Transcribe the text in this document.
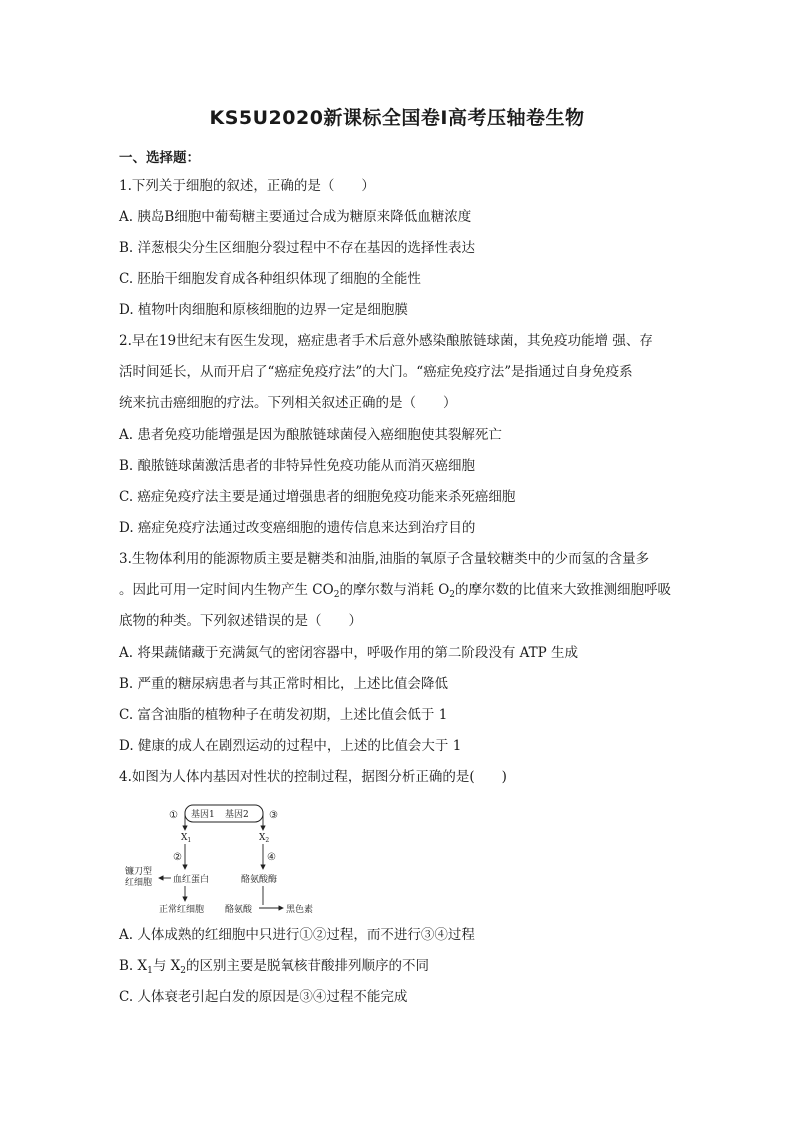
KS5U2020新课标全国卷Ⅰ高考压轴卷生物
一、选择题：
1.下列关于细胞的叙述，正确的是（　　）
A. 胰岛B细胞中葡萄糖主要通过合成为糖原来降低血糖浓度
B. 洋葱根尖分生区细胞分裂过程中不存在基因的选择性表达
C. 胚胎干细胞发育成各种组织体现了细胞的全能性
D. 植物叶肉细胞和原核细胞的边界一定是细胞膜
2.早在19世纪末有医生发现，癌症患者手术后意外感染酿脓链球菌，其免疫功能增 强、存
活时间延长，从而开启了“癌症免疫疗法”的大门。“癌症免疫疗法”是指通过自身免疫系
统来抗击癌细胞的疗法。下列相关叙述正确的是（　　）
A. 患者免疫功能增强是因为酿脓链球菌侵入癌细胞使其裂解死亡
B. 酿脓链球菌激活患者的非特异性免疫功能从而消灭癌细胞
C. 癌症免疫疗法主要是通过增强患者的细胞免疫功能来杀死癌细胞
D. 癌症免疫疗法通过改变癌细胞的遗传信息来达到治疗目的
3.生物体利用的能源物质主要是糖类和油脂,油脂的氧原子含量较糖类中的少而氢的含量多
。因此可用一定时间内生物产生 $CO_2$的摩尔数与消耗 $O_2$的摩尔数的比值来大致推测细胞呼吸
底物的种类。下列叙述错误的是（　　）
A. 将果蔬储藏于充满氮气的密闭容器中，呼吸作用的第二阶段没有 ATP 生成
B. 严重的糖尿病患者与其正常时相比，上述比值会降低
C. 富含油脂的植物种子在萌发初期，上述比值会低于 1
D. 健康的成人在剧烈运动的过程中，上述的比值会大于 1
4.如图为人体内基因对性状的控制过程，据图分析正确的是(　　)
基因1 基因2
①	③
$X_1$	$X_2$
②	④
镰刀型
红细胞 血红蛋白	酪氨酸酶
正常红细胞 酪氨酸	黑色素
A. 人体成熟的红细胞中只进行①②过程，而不进行③④过程
B. $X_1$与 $X_2$的区别主要是脱氧核苷酸排列顺序的不同
C. 人体衰老引起白发的原因是③④过程不能完成
